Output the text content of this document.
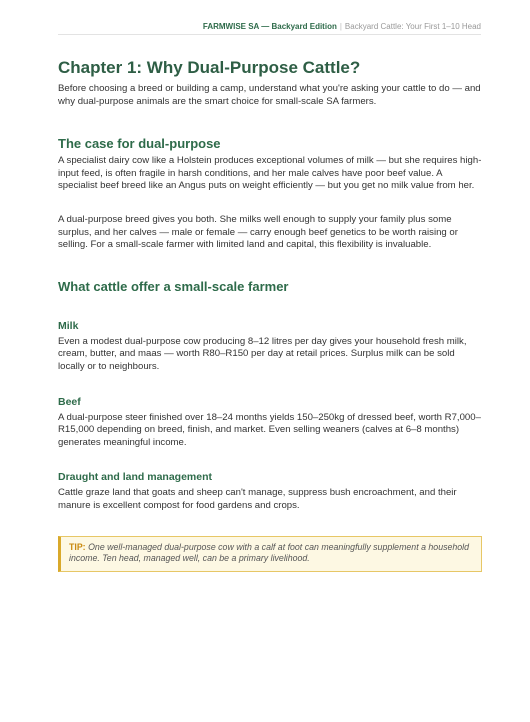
FARMWISE SA — Backyard Edition | Backyard Cattle: Your First 1–10 Head
Chapter 1: Why Dual-Purpose Cattle?

Before choosing a breed or building a camp, understand what you're asking your cattle to do — and why dual-purpose animals are the smart choice for small-scale SA farmers.

The case for dual-purpose

A specialist dairy cow like a Holstein produces exceptional volumes of milk — but she requires high-input feed, is often fragile in harsh conditions, and her male calves have poor beef value. A specialist beef breed like an Angus puts on weight efficiently — but you get no milk value from her.

A dual-purpose breed gives you both. She milks well enough to supply your family plus some surplus, and her calves — male or female — carry enough beef genetics to be worth raising or selling. For a small-scale farmer with limited land and capital, this flexibility is invaluable.

What cattle offer a small-scale farmer
Milk

Even a modest dual-purpose cow producing 8–12 litres per day gives your household fresh milk, cream, butter, and maas — worth R80–R150 per day at retail prices. Surplus milk can be sold locally or to neighbours.

Beef

A dual-purpose steer finished over 18–24 months yields 150–250kg of dressed beef, worth R7,000–R15,000 depending on breed, finish, and market. Even selling weaners (calves at 6–8 months) generates meaningful income.

Draught and land management

Cattle graze land that goats and sheep can't manage, suppress bush encroachment, and their manure is excellent compost for food gardens and crops.

TIP: One well-managed dual-purpose cow with a calf at foot can meaningfully supplement a household income. Ten head, managed well, can be a primary livelihood.
